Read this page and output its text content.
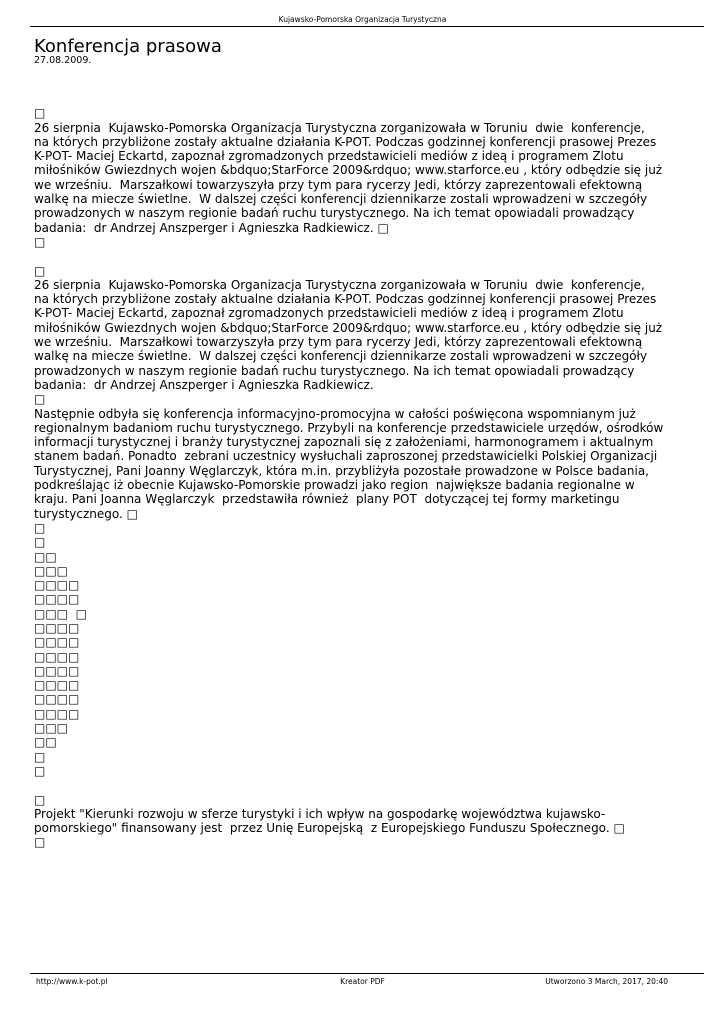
Kujawsko-Pomorska Organizacja Turystyczna
Konferencja prasowa
27.08.2009.

□
26 sierpnia  Kujawsko-Pomorska Organizacja Turystyczna zorganizowała w Toruniu  dwie  konferencje,
na których przybliżone zostały aktualne działania K-POT. Podczas godzinnej konferencji prasowej Prezes
K-POT- Maciej Eckartd, zapoznał zgromadzonych przedstawicieli mediów z ideą i programem Zlotu
miłośników Gwiezdnych wojen &bdquo;StarForce 2009&rdquo; www.starforce.eu , który odbędzie się już
we wrześniu.  Marszałkowi towarzyszyła przy tym para rycerzy Jedi, którzy zaprezentowali efektowną
walkę na miecze świetlne.  W dalszej części konferencji dziennikarze zostali wprowadzeni w szczegóły
prowadzonych w naszym regionie badań ruchu turystycznego. Na ich temat opowiadali prowadzący
badania:  dr Andrzej Anszperger i Agnieszka Radkiewicz. □
□

□
26 sierpnia  Kujawsko-Pomorska Organizacja Turystyczna zorganizowała w Toruniu  dwie  konferencje,
na których przybliżone zostały aktualne działania K-POT. Podczas godzinnej konferencji prasowej Prezes
K-POT- Maciej Eckartd, zapoznał zgromadzonych przedstawicieli mediów z ideą i programem Zlotu
miłośników Gwiezdnych wojen &bdquo;StarForce 2009&rdquo; www.starforce.eu , który odbędzie się już
we wrześniu.  Marszałkowi towarzyszyła przy tym para rycerzy Jedi, którzy zaprezentowali efektowną
walkę na miecze świetlne.  W dalszej części konferencji dziennikarze zostali wprowadzeni w szczegóły
prowadzonych w naszym regionie badań ruchu turystycznego. Na ich temat opowiadali prowadzący
badania:  dr Andrzej Anszperger i Agnieszka Radkiewicz.
□
Następnie odbyła się konferencja informacyjno-promocyjna w całości poświęcona wspomnianym już
regionalnym badaniom ruchu turystycznego. Przybyli na konferencje przedstawiciele urzędów, ośrodków
informacji turystycznej i branży turystycznej zapoznali się z założeniami, harmonogramem i aktualnym
stanem badań. Ponadto  zebrani uczestnicy wysłuchali zaproszonej przedstawicielki Polskiej Organizacji
Turystycznej, Pani Joanny Węglarczyk, która m.in. przybliżyła pozostałe prowadzone w Polsce badania,
podkreślając iż obecnie Kujawsko-Pomorskie prowadzi jako region  największe badania regionalne w
kraju. Pani Joanna Węglarczyk  przedstawiła również  plany POT  dotyczącej tej formy marketingu
turystycznego. □
□
□
□□
□□□
□□□□
□□□□
□□□  □
□□□□
□□□□
□□□□
□□□□
□□□□
□□□□
□□□□
□□□
□□
□
□

□
Projekt "Kierunki rozwoju w sferze turystyki i ich wpływ na gospodarkę województwa kujawsko-
pomorskiego" finansowany jest  przez Unię Europejską  z Europejskiego Funduszu Społecznego. □
□
http://www.k-pot.pl	Kreator PDF	Utworzono 3 March, 2017, 20:40
